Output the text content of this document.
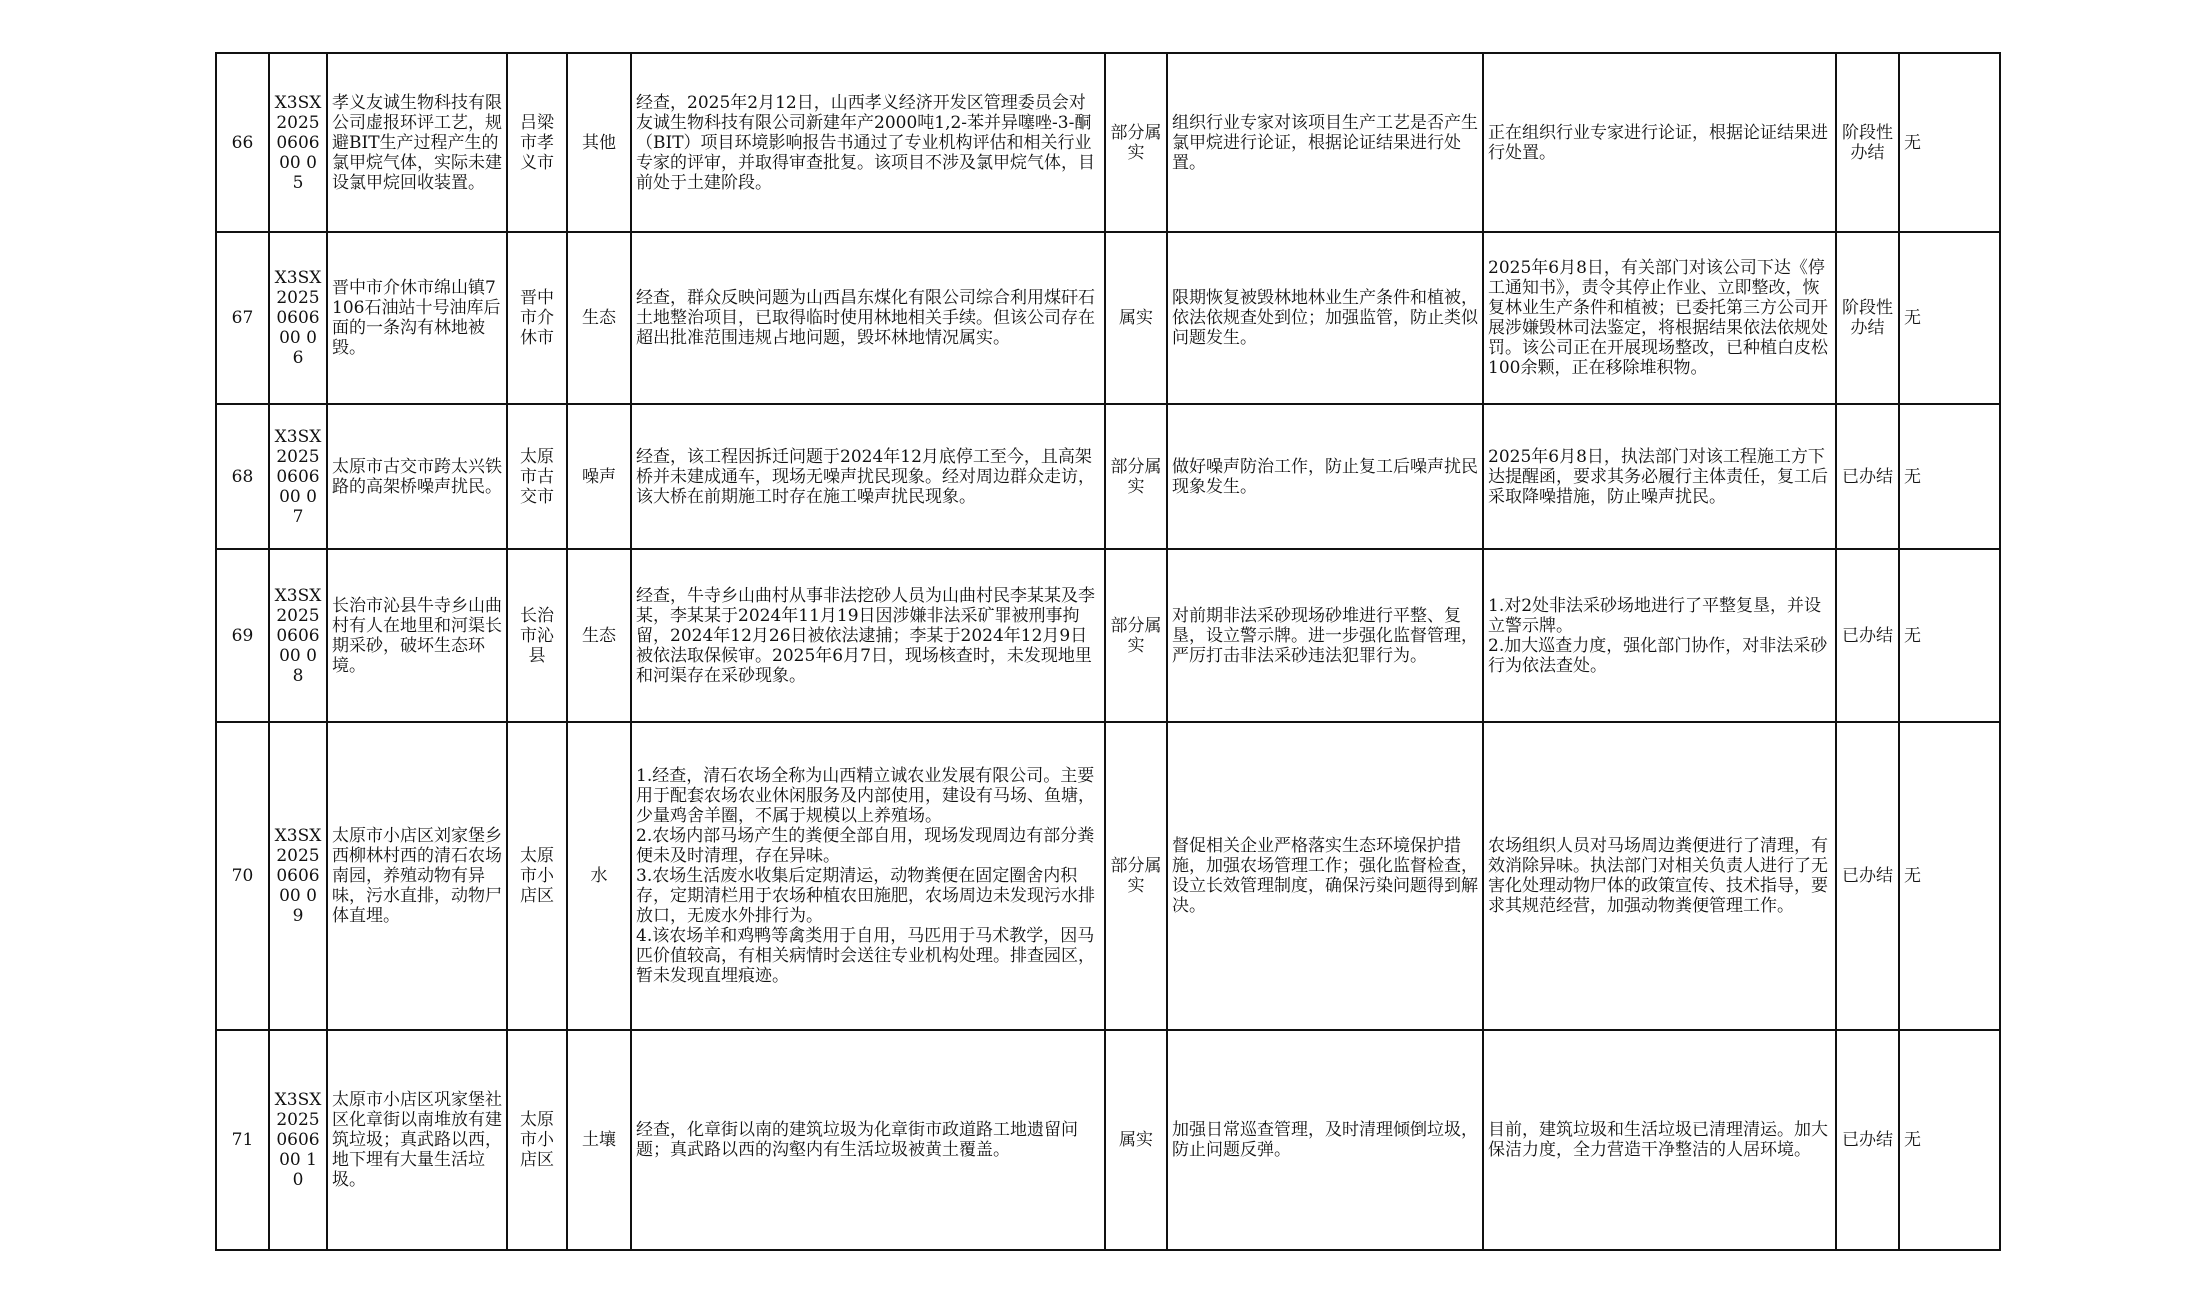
66	X3SX2025060600 05	孝义友诚生物科技有限公司虚报环评工艺，规避BIT生产过程产生的氯甲烷气体，实际未建设氯甲烷回收装置。	吕梁市孝义市	其他	经查，2025年2月12日，山西孝义经济开发区管理委员会对友诚生物科技有限公司新建年产2000吨1,2-苯并异噻唑-3-酮（BIT）项目环境影响报告书通过了专业机构评估和相关行业专家的评审，并取得审查批复。该项目不涉及氯甲烷气体，目前处于土建阶段。	部分属实	组织行业专家对该项目生产工艺是否产生氯甲烷进行论证，根据论证结果进行处置。	正在组织行业专家进行论证，根据论证结果进行处置。	阶段性办结	无
67	X3SX2025060600 06	晋中市介休市绵山镇7106石油站十号油库后面的一条沟有林地被毁。	晋中市介休市	生态	经查，群众反映问题为山西昌东煤化有限公司综合利用煤矸石土地整治项目，已取得临时使用林地相关手续。但该公司存在超出批准范围违规占地问题，毁坏林地情况属实。	属实	限期恢复被毁林地林业生产条件和植被，依法依规查处到位；加强监管，防止类似问题发生。	2025年6月8日，有关部门对该公司下达《停工通知书》，责令其停止作业、立即整改，恢复林业生产条件和植被；已委托第三方公司开展涉嫌毁林司法鉴定，将根据结果依法依规处罚。该公司正在开展现场整改，已种植白皮松100余颗，正在移除堆积物。	阶段性办结	无
68	X3SX2025060600 07	太原市古交市跨太兴铁路的高架桥噪声扰民。	太原市古交市	噪声	经查，该工程因拆迁问题于2024年12月底停工至今，且高架桥并未建成通车，现场无噪声扰民现象。经对周边群众走访，该大桥在前期施工时存在施工噪声扰民现象。	部分属实	做好噪声防治工作，防止复工后噪声扰民现象发生。	2025年6月8日，执法部门对该工程施工方下达提醒函，要求其务必履行主体责任，复工后采取降噪措施，防止噪声扰民。	已办结	无
69	X3SX2025060600 08	长治市沁县牛寺乡山曲村有人在地里和河渠长期采砂，破坏生态环境。	长治市沁县	生态	经查，牛寺乡山曲村从事非法挖砂人员为山曲村民李某某及李某，李某某于2024年11月19日因涉嫌非法采矿罪被刑事拘留，2024年12月26日被依法逮捕；李某于2024年12月9日被依法取保候审。2025年6月7日，现场核查时，未发现地里和河渠存在采砂现象。	部分属实	对前期非法采砂现场砂堆进行平整、复垦，设立警示牌。进一步强化监督管理，严厉打击非法采砂违法犯罪行为。	1.对2处非法采砂场地进行了平整复垦，并设立警示牌。
2.加大巡查力度，强化部门协作，对非法采砂行为依法查处。	已办结	无
70	X3SX2025060600 09	太原市小店区刘家堡乡西柳林村西的清石农场南园，养殖动物有异味，污水直排，动物尸体直埋。	太原市小店区	水	1.经查，清石农场全称为山西精立诚农业发展有限公司。主要用于配套农场农业休闲服务及内部使用，建设有马场、鱼塘，少量鸡舍羊圈，不属于规模以上养殖场。
2.农场内部马场产生的粪便全部自用，现场发现周边有部分粪便未及时清理，存在异味。
3.农场生活废水收集后定期清运，动物粪便在固定圈舍内积存，定期清栏用于农场种植农田施肥，农场周边未发现污水排放口，无废水外排行为。
4.该农场羊和鸡鸭等禽类用于自用，马匹用于马术教学，因马匹价值较高，有相关病情时会送往专业机构处理。排查园区，暂未发现直埋痕迹。	部分属实	督促相关企业严格落实生态环境保护措施，加强农场管理工作；强化监督检查，设立长效管理制度，确保污染问题得到解决。	农场组织人员对马场周边粪便进行了清理，有效消除异味。执法部门对相关负责人进行了无害化处理动物尸体的政策宣传、技术指导，要求其规范经营，加强动物粪便管理工作。	已办结	无
71	X3SX2025060600 10	太原市小店区巩家堡社区化章街以南堆放有建筑垃圾；真武路以西，地下埋有大量生活垃圾。	太原市小店区	土壤	经查，化章街以南的建筑垃圾为化章街市政道路工地遗留问题；真武路以西的沟壑内有生活垃圾被黄土覆盖。	属实	加强日常巡查管理，及时清理倾倒垃圾，防止问题反弹。	目前，建筑垃圾和生活垃圾已清理清运。加大保洁力度，全力营造干净整洁的人居环境。	已办结	无
